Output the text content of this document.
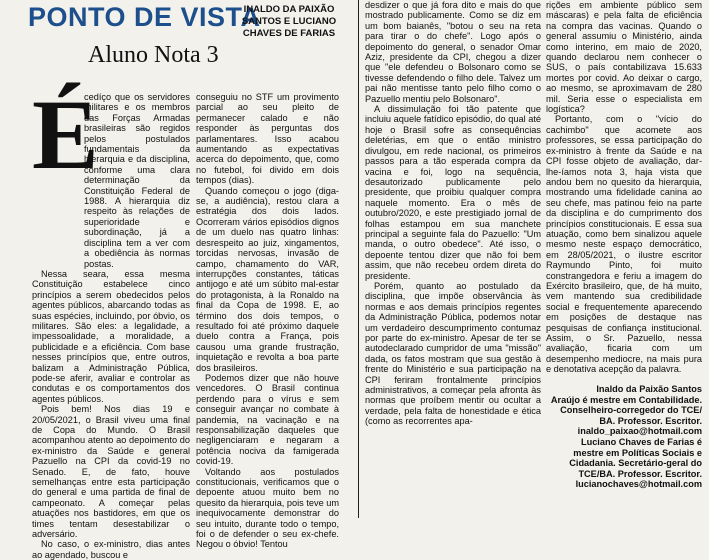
PONTO DE VISTA
INALDO DA PAIXÃO
SANTOS E LUCIANO
CHAVES DE FARIAS
Aluno Nota 3
É

cedíço que os servidores militares e os membros das Forças Armadas brasileiras são regidos pelos postulados fundamentais da hierarquia e da disciplina, conforme uma clara determinação da Constituição Federal de 1988. A hierarquia diz respeito às relações de superioridade e subordinação, já a disciplina tem a ver com a obediência às normas postas.

Nessa seara, essa mesma Constituição estabelece cinco princípios a serem obedecidos pelos agentes públicos, abarcando todas as suas espécies, incluindo, por óbvio, os militares. São eles: a legalidade, a impessoalidade, a moralidade, a publicidade e a eficiência. Com base nesses princípios que, entre outros, balizam a Administração Pública, pode-se aferir, avaliar e controlar as condutas e os comportamentos dos agentes públicos.

Pois bem! Nos dias 19 e 20/05/2021, o Brasil viveu uma final de Copa do Mundo. O Brasil acompanhou atento ao depoimento do ex-ministro da Saúde e general Pazuello na CPI da covid-19 no Senado. E, de fato, houve semelhanças entre esta participação do general e uma partida de final de campeonato. A começar pelas atuações nos bastidores, em que os times tentam desestabilizar o adversário.

No caso, o ex-ministro, dias antes ao agendado, buscou e

conseguiu no STF um provimento parcial ao seu pleito de permanecer calado e não responder às perguntas dos parlamentares. Isso acabou aumentando as expectativas acerca do depoimento, que, como no futebol, foi divido em dois tempos (dias).

Quando começou o jogo (diga-se, a audiência), restou clara a estratégia dos dois lados. Ocorreram vários episódios dignos de um duelo nas quatro linhas: desrespeito ao juiz, xingamentos, torcidas nervosas, invasão de campo, chamamento do VAR, interrupções constantes, táticas antijogo e até um súbito mal-estar do protagonista, à la Ronaldo na final da Copa de 1998. E, ao término dos dois tempos, o resultado foi até próximo daquele duelo contra a França, pois causou uma grande frustração, inquietação e revolta a boa parte dos brasileiros.

Podemos dizer que não houve vencedores. O Brasil continua perdendo para o vírus e sem conseguir avançar no combate à pandemia, na vacinação e na responsabilização daqueles que negligenciaram e negaram a potência nociva da famigerada covid-19.

Voltando aos postulados constitucionais, verificamos que o depoente atuou muito bem no quesito da hierarquia, pois teve um inequivocamente demonstrar do seu intuito, durante todo o tempo, foi o de defender o seu ex-chefe. Negou o óbvio! Tentou

desdizer o que já fora dito e mais do que mostrado publicamente. Como se diz em um bom baianês, "botou o seu na reta para tirar o do chefe". Logo após o depoimento do general, o senador Omar Aziz, presidente da CPI, chegou a dizer que "ele defendeu o Bolsonaro como se tivesse defendendo o filho dele. Talvez um pai não mentisse tanto pelo filho como o Pazuello mentiu pelo Bolsonaro".

A dissimulação foi tão patente que incluiu aquele fatídico episódio, do qual até hoje o Brasil sofre as consequências deletérias, em que o então ministro divulgou, em rede nacional, os primeiros passos para a tão esperada compra da vacina e foi, logo na sequência, desautorizado publicamente pelo presidente, que proibiu qualquer compra naquele momento. Era o mês de outubro/2020, e este prestigiado jornal de folhas estampou em sua manchete principal a seguinte fala do Pazuello: "Um manda, o outro obedece". Até isso, o depoente tentou dizer que não foi bem assim, que não recebeu ordem direta do presidente.

Porém, quanto ao postulado da disciplina, que impõe observância às normas e aos demais princípios regentes da Administração Pública, podemos notar um verdadeiro descumprimento contumaz por parte do ex-ministro. Apesar de ter se autodeclarado cumpridor de uma "missão" dada, os fatos mostram que sua gestão à frente do Ministério e sua participação na CPI feriram frontalmente princípios administrativos, a começar pela afronta às normas que proíbem mentir ou ocultar a verdade, pela falta de honestidade e ética (como as recorrentes apa-

rições em ambiente público sem máscaras) e pela falta de eficiência na compra das vacinas. Quando o general assumiu o Ministério, ainda como interino, em maio de 2020, quando declarou nem conhecer o SUS, o país contabilizava 15.633 mortes por covid. Ao deixar o cargo, ao mesmo, se aproximavam de 280 mil. Seria esse o especialista em logística?

Portanto, com o "vício do cachimbo" que acomete aos professores, se essa participação do ex-ministro à frente da Saúde e na CPI fosse objeto de avaliação, dar-lhe-íamos nota 3, haja vista que andou bem no quesito da hierarquia, mostrando uma fidelidade canina ao seu chefe, mas patinou feio na parte da disciplina e do cumprimento dos princípios constitucionais. E essa sua atuação, como bem sinalizou aquele mesmo neste espaço democrático, em 28/05/2021, o ilustre escritor Raymundo Pinto, foi muito constrangedora e feriu a imagem do Exército brasileiro, que, de há muito, vem mantendo sua credibilidade social e frequentemente aparecendo em posições de destaque nas pesquisas de confiança institucional. Assim, o Sr. Pazuello, nessa avaliação, ficaria com um desempenho mediocre, na mais pura e denotativa acepção da palavra.

Inaldo da Paixão Santos
Araújo é mestre em Contabilidade.
Conselheiro-corregedor do TCE/
BA. Professor. Escritor.
inaldo_paixao@hotmail.com
Luciano Chaves de Farias é
mestre em Políticas Sociais e
Cidadania. Secretário-geral do
TCE/BA. Professor. Escritor.
lucianochaves@hotmail.com
